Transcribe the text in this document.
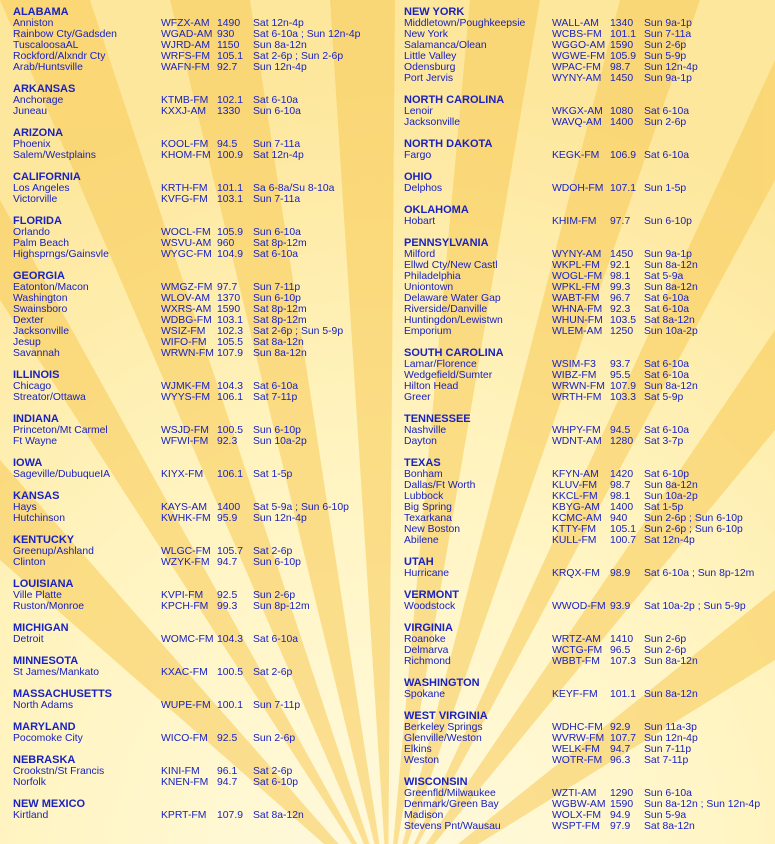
ALABAMA
Anniston	WFZX-AM 1490 Sat 12n-4p
Rainbow Cty/Gadsden	WGAD-AM 930 Sat 6-10a ; Sun 12n-4p
TuscaloosaAL	WJRD-AM 1150 Sun 8a-12n
Rockford/Alxndr Cty	WRFS-FM 105.1 Sat 2-6p ; Sun 2-6p
Arab/Huntsville	WAFN-FM 92.7 Sun 12n-4p
ARKANSAS
Anchorage	KTMB-FM 102.1 Sat 6-10a
Juneau	KXXJ-AM 1330 Sun 6-10a
ARIZONA
Phoenix	KOOL-FM 94.5 Sun 7-11a
Salem/Westplains	KHOM-FM 100.9 Sat 12n-4p
CALIFORNIA
Los Angeles	KRTH-FM 101.1 Sa 6-8a/Su 8-10a
Victorville	KVFG-FM 103.1 Sun 7-11a
FLORIDA
Orlando	WOCL-FM 105.9 Sun 6-10a
Palm Beach	WSVU-AM 960 Sat 8p-12m
Highsprngs/Gainsvle	WYGC-FM 104.9 Sat 6-10a
GEORGIA
Eatonton/Macon	WMGZ-FM 97.7 Sun 7-11p
Washington	WLOV-AM 1370 Sun 6-10p
Swainsboro	WXRS-AM 1590 Sat 8p-12m
Dexter	WDBG-FM 103.1 Sat 8p-12m
Jacksonville	WSIZ-FM 102.3 Sat 2-6p ; Sun 5-9p
Jesup	WIFO-FM 105.5 Sat 8a-12n
Savannah	WRWN-FM 107.9 Sun 8a-12n
ILLINOIS
Chicago	WJMK-FM 104.3 Sat 6-10a
Streator/Ottawa	WYYS-FM 106.1 Sat 7-11p
INDIANA
Princeton/Mt Carmel	WSJD-FM 100.5 Sun 6-10p
Ft Wayne	WFWI-FM 92.3 Sun 10a-2p
IOWA
Sageville/DubuqueIA	KIYX-FM 106.1 Sat 1-5p
KANSAS
Hays	KAYS-AM 1400 Sat 5-9a ; Sun 6-10p
Hutchinson	KWHK-FM 95.9 Sun 12n-4p
KENTUCKY
Greenup/Ashland	WLGC-FM 105.7 Sat 2-6p
Clinton	WZYK-FM 94.7 Sun 6-10p
LOUISIANA
Ville Platte	KVPI-FM 92.5 Sun 2-6p
Ruston/Monroe	KPCH-FM 99.3 Sun 8p-12m
MICHIGAN
Detroit	WOMC-FM 104.3 Sat 6-10a
MINNESOTA
St James/Mankato	KXAC-FM 100.5 Sat 2-6p
MASSACHUSETTS
North Adams	WUPE-FM 100.1 Sun 7-11p
MARYLAND
Pocomoke City	WICO-FM 92.5 Sun 2-6p
NEBRASKA
Crookstn/St Francis	KINI-FM 96.1 Sat 2-6p
Norfolk	KNEN-FM 94.7 Sat 6-10p
NEW MEXICO
Kirtland	KPRT-FM 107.9 Sat 8a-12n
NEW YORK
Middletown/Poughkeepsie	WALL-AM 1340 Sun 9a-1p
New York	WCBS-FM 101.1 Sun 7-11a
Salamanca/Olean	WGGO-AM 1590 Sun 2-6p
Little Valley	WGWE-FM 105.9 Sun 5-9p
Odensburg	WPAC-FM 98.7 Sun 12n-4p
Port Jervis	WYNY-AM 1450 Sun 9a-1p
NORTH CAROLINA
Lenoir	WKGX-AM 1080 Sat 6-10a
Jacksonville	WAVQ-AM 1400 Sun 2-6p
NORTH DAKOTA
Fargo	KEGK-FM 106.9 Sat 6-10a
OHIO
Delphos	WDOH-FM 107.1 Sun 1-5p
OKLAHOMA
Hobart	KHIM-FM 97.7 Sun 6-10p
PENNSYLVANIA
Milford	WYNY-AM 1450 Sun 9a-1p
Ellwd Cty/New Castl	WKPL-FM 92.1 Sun 8a-12n
Philadelphia	WOGL-FM 98.1 Sat 5-9a
Uniontown	WPKL-FM 99.3 Sun 8a-12n
Delaware Water Gap	WABT-FM 96.7 Sat 6-10a
Riverside/Danville	WHNA-FM 92.3 Sat 6-10a
Huntingdon/Lewistwn	WHUN-FM 103.5 Sat 8a-12n
Emporium	WLEM-AM 1250 Sun 10a-2p
SOUTH CAROLINA
Lamar/Florence	WSIM-F3 93.7 Sat 6-10a
Wedgefield/Sumter	WIBZ-FM 95.5 Sat 6-10a
Hilton Head	WRWN-FM 107.9 Sun 8a-12n
Greer	WRTH-FM 103.3 Sat 5-9p
TENNESSEE
Nashville	WHPY-FM 94.5 Sat 6-10a
Dayton	WDNT-AM 1280 Sat 3-7p
TEXAS
Bonham	KFYN-AM 1420 Sat 6-10p
Dallas/Ft Worth	KLUV-FM 98.7 Sun 8a-12n
Lubbock	KKCL-FM 98.1 Sun 10a-2p
Big Spring	KBYG-AM 1400 Sat 1-5p
Texarkana	KCMC-AM 940 Sun 2-6p ; Sun 6-10p
New Boston	KTTY-FM 105.1 Sun 2-6p ; Sun 6-10p
Abilene	KULL-FM 100.7 Sat 12n-4p
UTAH
Hurricane	KRQX-FM 98.9 Sat 6-10a ; Sun 8p-12m
VERMONT
Woodstock	WWOD-FM 93.9 Sat 10a-2p ; Sun 5-9p
VIRGINIA
Roanoke	WRTZ-AM 1410 Sun 2-6p
Delmarva	WCTG-FM 96.5 Sun 2-6p
Richmond	WBBT-FM 107.3 Sun 8a-12n
WASHINGTON
Spokane	KEYF-FM 101.1 Sun 8a-12n
WEST VIRGINIA
Berkeley Springs	WDHC-FM 92.9 Sun 11a-3p
Glenville/Weston	WVRW-FM 107.7 Sun 12n-4p
Elkins	WELK-FM 94.7 Sun 7-11p
Weston	WOTR-FM 96.3 Sat 7-11p
WISCONSIN
Greenfld/Milwaukee	WZTI-AM 1290 Sun 6-10a
Denmark/Green Bay	WGBW-AM 1590 Sun 8a-12n ; Sun 12n-4p
Madison	WOLX-FM 94.9 Sun 5-9a
Stevens Pnt/Wausau	WSPT-FM 97.9 Sat 8a-12n
